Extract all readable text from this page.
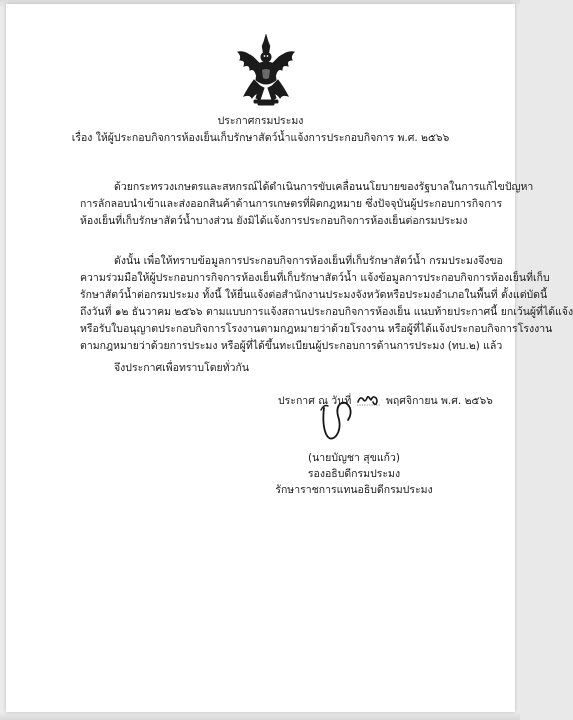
ประกาศกรมประมง
เรื่อง ให้ผู้ประกอบกิจการห้องเย็นเก็บรักษาสัตว์น้ำแจ้งการประกอบกิจการ พ.ศ. ๒๕๖๖
ด้วยกระทรวงเกษตรและสหกรณ์ได้ดำเนินการขับเคลื่อนนโยบายของรัฐบาลในการแก้ไขปัญหา
การลักลอบนำเข้าและส่งออกสินค้าด้านการเกษตรที่ผิดกฎหมาย ซึ่งปัจจุบันผู้ประกอบการกิจการ
ห้องเย็นที่เก็บรักษาสัตว์น้ำบางส่วน ยังมิได้แจ้งการประกอบกิจการห้องเย็นต่อกรมประมง
ดังนั้น เพื่อให้ทราบข้อมูลการประกอบกิจการห้องเย็นที่เก็บรักษาสัตว์น้ำ กรมประมงจึงขอ
ความร่วมมือให้ผู้ประกอบการกิจการห้องเย็นที่เก็บรักษาสัตว์น้ำ แจ้งข้อมูลการประกอบกิจการห้องเย็นที่เก็บ
รักษาสัตว์น้ำต่อกรมประมง ทั้งนี้ ให้ยื่นแจ้งต่อสำนักงานประมงจังหวัดหรือประมงอำเภอในพื้นที่ ตั้งแต่บัดนี้
ถึงวันที่ ๑๒ ธันวาคม ๒๕๖๖ ตามแบบการแจ้งสถานประกอบกิจการห้องเย็น แนบท้ายประกาศนี้ ยกเว้นผู้ที่ได้แจ้ง
หรือรับใบอนุญาตประกอบกิจการโรงงานตามกฎหมายว่าด้วยโรงงาน หรือผู้ที่ได้แจ้งประกอบกิจการโรงงาน
ตามกฎหมายว่าด้วยการประมง หรือผู้ที่ได้ขึ้นทะเบียนผู้ประกอบการด้านการประมง (ทบ.๒) แล้ว
จึงประกาศเพื่อทราบโดยทั่วกัน
ประกาศ ณ วันที่	พฤศจิกายน พ.ศ. ๒๕๖๖
(นายบัญชา สุขแก้ว)
รองอธิบดีกรมประมง
รักษาราชการแทนอธิบดีกรมประมง
